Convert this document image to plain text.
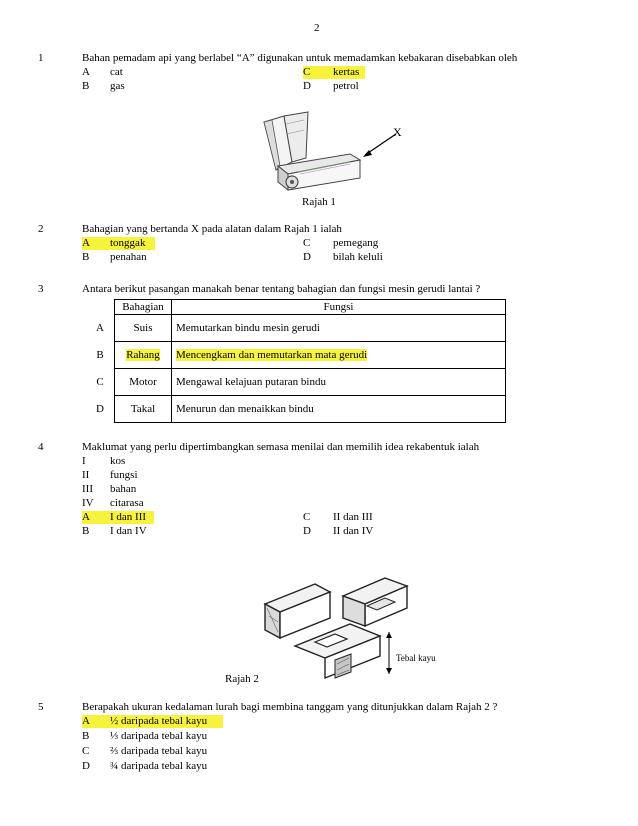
2
1	Bahan pemadam api yang berlabel “A” digunakan untuk memadamkan kebakaran disebabkan oleh
A cat
B gas
C kertas
D petrol
X
Rajah 1
2	Bahagian yang bertanda X pada alatan dalam Rajah 1 ialah
A tonggak
B penahan
C pemegang
D bilah keluli
3	Antara berikut pasangan manakah benar tentang bahagian dan fungsi mesin gerudi lantai ?
	Bahagian	Fungsi
A	Suis	Memutarkan bindu mesin gerudi
B	Rahang	Mencengkam dan memutarkan mata gerudi
C	Motor	Mengawal kelajuan putaran bindu
D	Takal	Menurun dan menaikkan bindu
4	Maklumat yang perlu dipertimbangkan semasa menilai dan memilih idea rekabentuk ialah
I kos
II fungsi
III bahan
IV citarasa
A I dan III
B I dan IV
C II dan III
D II dan IV
Tebal kayu
Rajah 2
5	Berapakah ukuran kedalaman lurah bagi membina tanggam yang ditunjukkan dalam Rajah 2 ?
A ½ daripada tebal kayu
B ⅓ daripada tebal kayu
C ⅔ daripada tebal kayu
D ¾ daripada tebal kayu
